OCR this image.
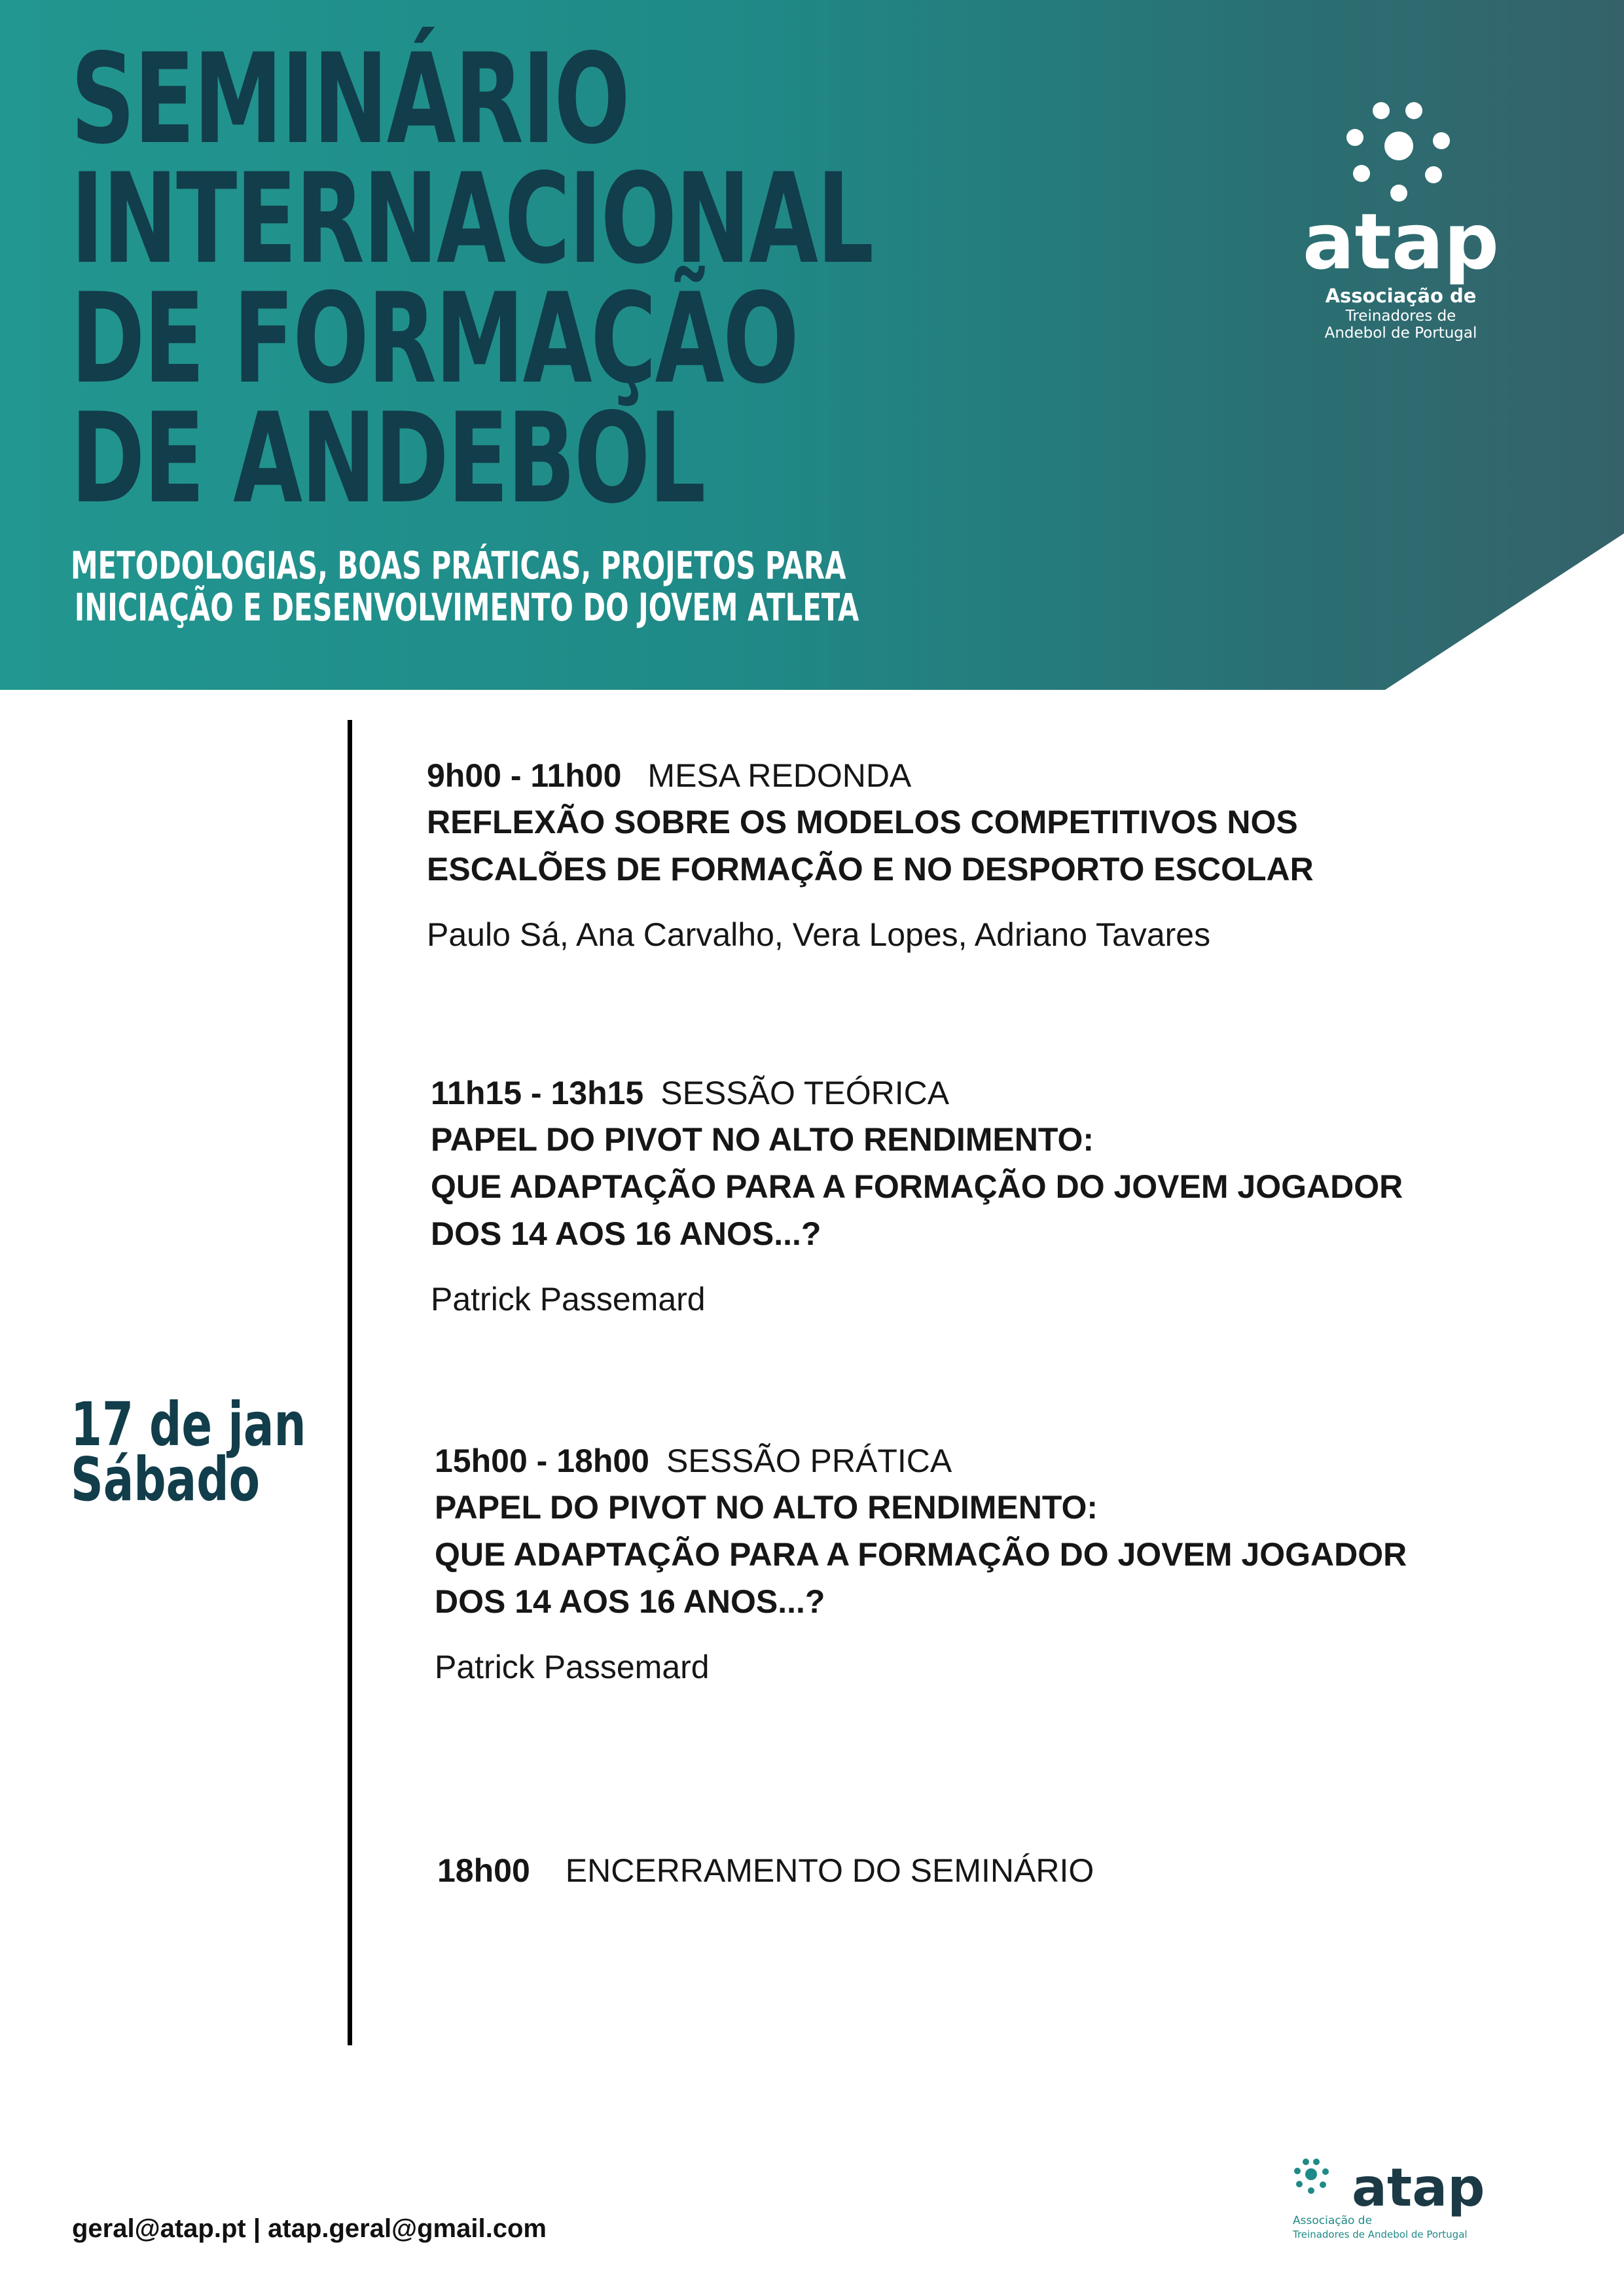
SEMINÁRIO
INTERNACIONAL
DE FORMAÇÃO
DE ANDEBOL
METODOLOGIAS, BOAS PRÁTICAS, PROJETOS PARA
INICIAÇÃO E DESENVOLVIMENTO DO JOVEM ATLETA
atap
Associação de
Treinadores de
Andebol de Portugal
17 de jan
Sábado

9h00 - 11h00 MESA REDONDA

REFLEXÃO SOBRE OS MODELOS COMPETITIVOS NOS
ESCALÕES DE FORMAÇÃO E NO DESPORTO ESCOLAR

Paulo Sá, Ana Carvalho, Vera Lopes, Adriano Tavares

11h15 - 13h15 SESSÃO TEÓRICA

PAPEL DO PIVOT NO ALTO RENDIMENTO:
QUE ADAPTAÇÃO PARA A FORMAÇÃO DO JOVEM JOGADOR
DOS 14 AOS 16 ANOS...?

Patrick Passemard

15h00 - 18h00 SESSÃO PRÁTICA

PAPEL DO PIVOT NO ALTO RENDIMENTO:
QUE ADAPTAÇÃO PARA A FORMAÇÃO DO JOVEM JOGADOR
DOS 14 AOS 16 ANOS...?

Patrick Passemard

18h00 ENCERRAMENTO DO SEMINÁRIO

geral@atap.pt | atap.geral@gmail.com

atap
Associação de
Treinadores de Andebol de Portugal
